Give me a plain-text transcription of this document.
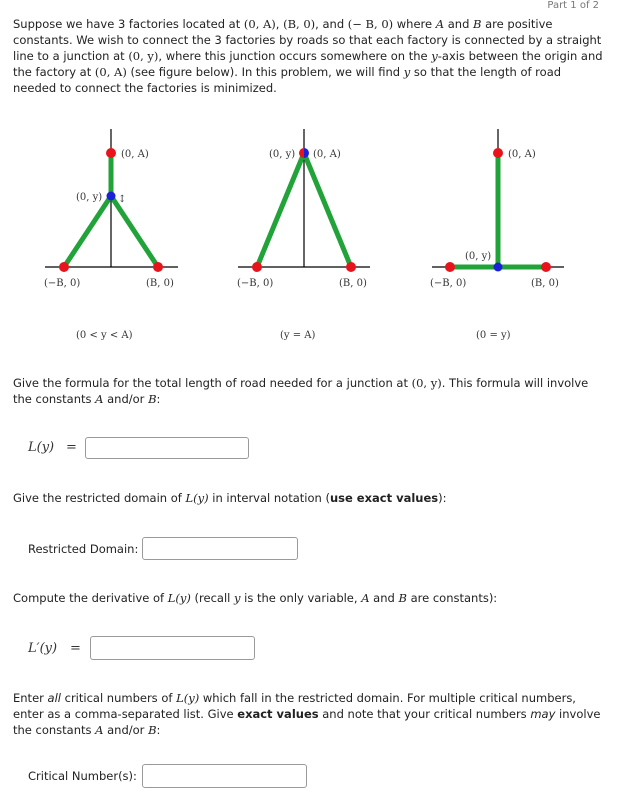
Part 1 of 2
Suppose we have 3 factories located at (0, A), (B, 0), and (− B, 0) where A and B are positive constants. We wish to connect the 3 factories by roads so that each factory is connected by a straight line to a junction at (0, y), where this junction occurs somewhere on the y-axis between the origin and the factory at (0, A) (see figure below). In this problem, we will find y so that the length of road needed to connect the factories is minimized.
(0, A)
(0, y) ↕
(−B, 0)	(B, 0)
(0 < y < A)
(0, y) (0, A)
(−B, 0)	(B, 0)
(y = A)
(0, A)
(0, y)
(−B, 0)	(B, 0)
(0 = y)
Give the formula for the total length of road needed for a junction at (0, y). This formula will involve the constants A and/or B:
L(y) =
Give the restricted domain of L(y) in interval notation (use exact values):
Restricted Domain:
Compute the derivative of L(y) (recall y is the only variable, A and B are constants):
L′(y) =
Enter all critical numbers of L(y) which fall in the restricted domain. For multiple critical numbers, enter as a comma-separated list. Give exact values and note that your critical numbers may involve the constants A and/or B:
Critical Number(s):
